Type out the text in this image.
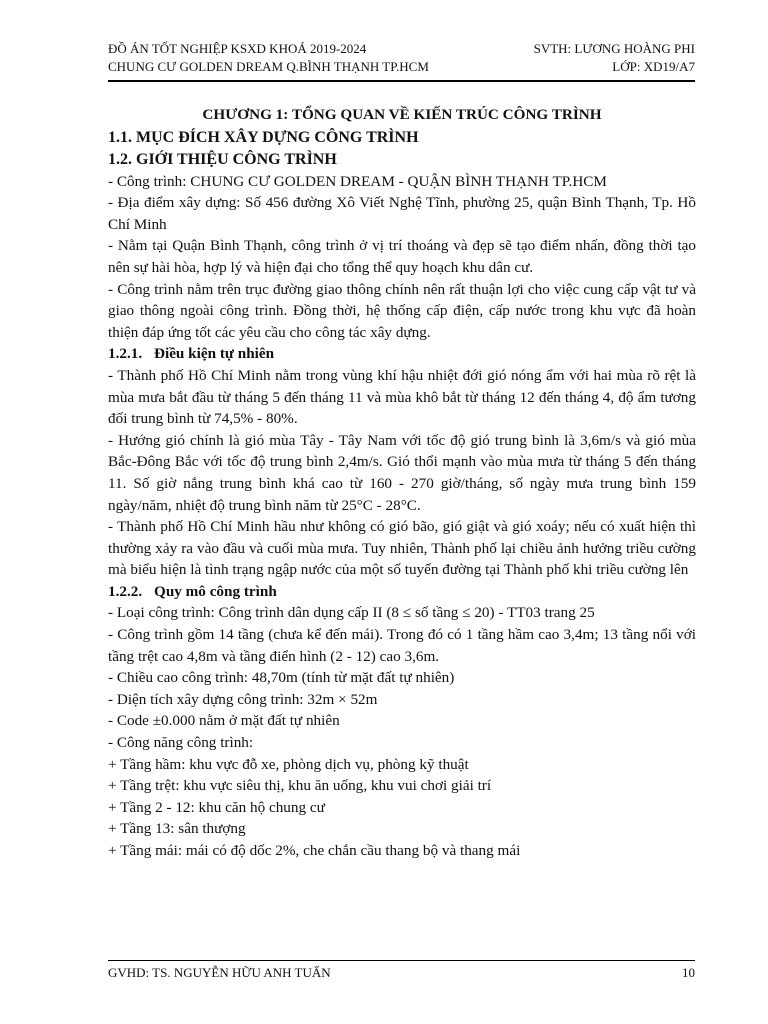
ĐỒ ÁN TỐT NGHIỆP KSXD KHOÁ 2019-2024	SVTH: LƯƠNG HOÀNG PHI
CHUNG CƯ GOLDEN DREAM Q.BÌNH THẠNH TP.HCM	LỚP: XD19/A7

CHƯƠNG 1: TỔNG QUAN VỀ KIẾN TRÚC CÔNG TRÌNH

1.1. MỤC ĐÍCH XÂY DỰNG CÔNG TRÌNH

1.2. GIỚI THIỆU CÔNG TRÌNH

- Công trình: CHUNG CƯ GOLDEN DREAM - QUẬN BÌNH THẠNH TP.HCM

- Địa điểm xây dựng: Số 456 đường Xô Viết Nghệ Tĩnh, phường 25, quận Bình Thạnh, Tp. Hồ Chí Minh

- Nằm tại Quận Bình Thạnh, công trình ở vị trí thoáng và đẹp sẽ tạo điểm nhấn, đồng thời tạo nên sự hài hòa, hợp lý và hiện đại cho tổng thể quy hoạch khu dân cư.

- Công trình nằm trên trục đường giao thông chính nên rất thuận lợi cho việc cung cấp vật tư và giao thông ngoài công trình. Đồng thời, hệ thống cấp điện, cấp nước trong khu vực đã hoàn thiện đáp ứng tốt các yêu cầu cho công tác xây dựng.

1.2.1. Điều kiện tự nhiên

- Thành phố Hồ Chí Minh nằm trong vùng khí hậu nhiệt đới gió nóng ẩm với hai mùa rõ rệt là mùa mưa bắt đầu từ tháng 5 đến tháng 11 và mùa khô bắt từ tháng 12 đến tháng 4, độ ẩm tương đối trung bình từ 74,5% - 80%.

- Hướng gió chính là gió mùa Tây - Tây Nam với tốc độ gió trung bình là 3,6m/s và gió mùa Bắc-Đông Bắc với tốc độ trung bình 2,4m/s. Gió thổi mạnh vào mùa mưa từ tháng 5 đến tháng 11. Số giờ nắng trung bình khá cao từ 160 - 270 giờ/tháng, số ngày mưa trung bình 159 ngày/năm, nhiệt độ trung bình năm từ 25°C - 28°C.

- Thành phố Hồ Chí Minh hầu như không có gió bão, gió giật và gió xoáy; nếu có xuất hiện thì thường xảy ra vào đầu và cuối mùa mưa. Tuy nhiên, Thành phố lại chiều ảnh hưởng triều cường mà biểu hiện là tình trạng ngập nước của một số tuyến đường tại Thành phố khi triều cường lên

1.2.2. Quy mô công trình

- Loại công trình: Công trình dân dụng cấp II (8 ≤ số tầng ≤ 20) - TT03 trang 25

- Công trình gồm 14 tầng (chưa kể đến mái). Trong đó có 1 tầng hầm cao 3,4m; 13 tầng nổi với tầng trệt cao 4,8m và tầng điển hình (2 - 12) cao 3,6m.

- Chiều cao công trình: 48,70m (tính từ mặt đất tự nhiên)

- Diện tích xây dựng công trình: 32m × 52m

- Code ±0.000 nằm ở mặt đất tự nhiên

- Công năng công trình:

+ Tầng hầm: khu vực đỗ xe, phòng dịch vụ, phòng kỹ thuật

+ Tầng trệt: khu vực siêu thị, khu ăn uống, khu vui chơi giải trí

+ Tầng 2 - 12: khu căn hộ chung cư

+ Tầng 13: sân thượng

+ Tầng mái: mái có độ dốc 2%, che chắn cầu thang bộ và thang mái

GVHD: TS. NGUYỄN HỮU ANH TUẤN	10
